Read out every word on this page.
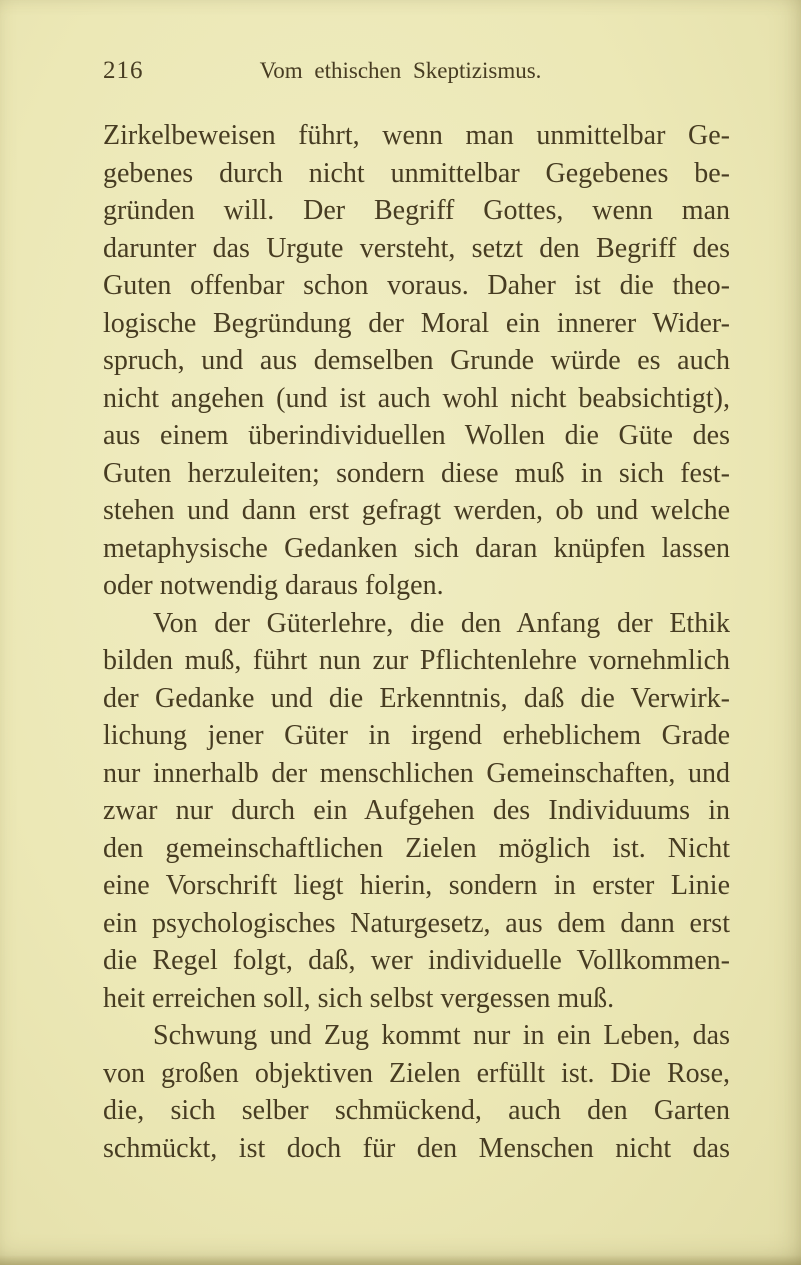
216	Vom ethischen Skeptizismus.
Zirkelbeweisen führt, wenn man unmittelbar Ge-
gebenes durch nicht unmittelbar Gegebenes be-
gründen will. Der Begriff Gottes, wenn man
darunter das Urgute versteht, setzt den Begriff des
Guten offenbar schon voraus. Daher ist die theo-
logische Begründung der Moral ein innerer Wider-
spruch, und aus demselben Grunde würde es auch
nicht angehen (und ist auch wohl nicht beabsichtigt),
aus einem überindividuellen Wollen die Güte des
Guten herzuleiten; sondern diese muß in sich fest-
stehen und dann erst gefragt werden, ob und welche
metaphysische Gedanken sich daran knüpfen lassen
oder notwendig daraus folgen.
Von der Güterlehre, die den Anfang der Ethik
bilden muß, führt nun zur Pflichtenlehre vornehmlich
der Gedanke und die Erkenntnis, daß die Verwirk-
lichung jener Güter in irgend erheblichem Grade
nur innerhalb der menschlichen Gemeinschaften, und
zwar nur durch ein Aufgehen des Individuums in
den gemeinschaftlichen Zielen möglich ist. Nicht
eine Vorschrift liegt hierin, sondern in erster Linie
ein psychologisches Naturgesetz, aus dem dann erst
die Regel folgt, daß, wer individuelle Vollkommen-
heit erreichen soll, sich selbst vergessen muß.
Schwung und Zug kommt nur in ein Leben, das
von großen objektiven Zielen erfüllt ist. Die Rose,
die, sich selber schmückend, auch den Garten
schmückt, ist doch für den Menschen nicht das
